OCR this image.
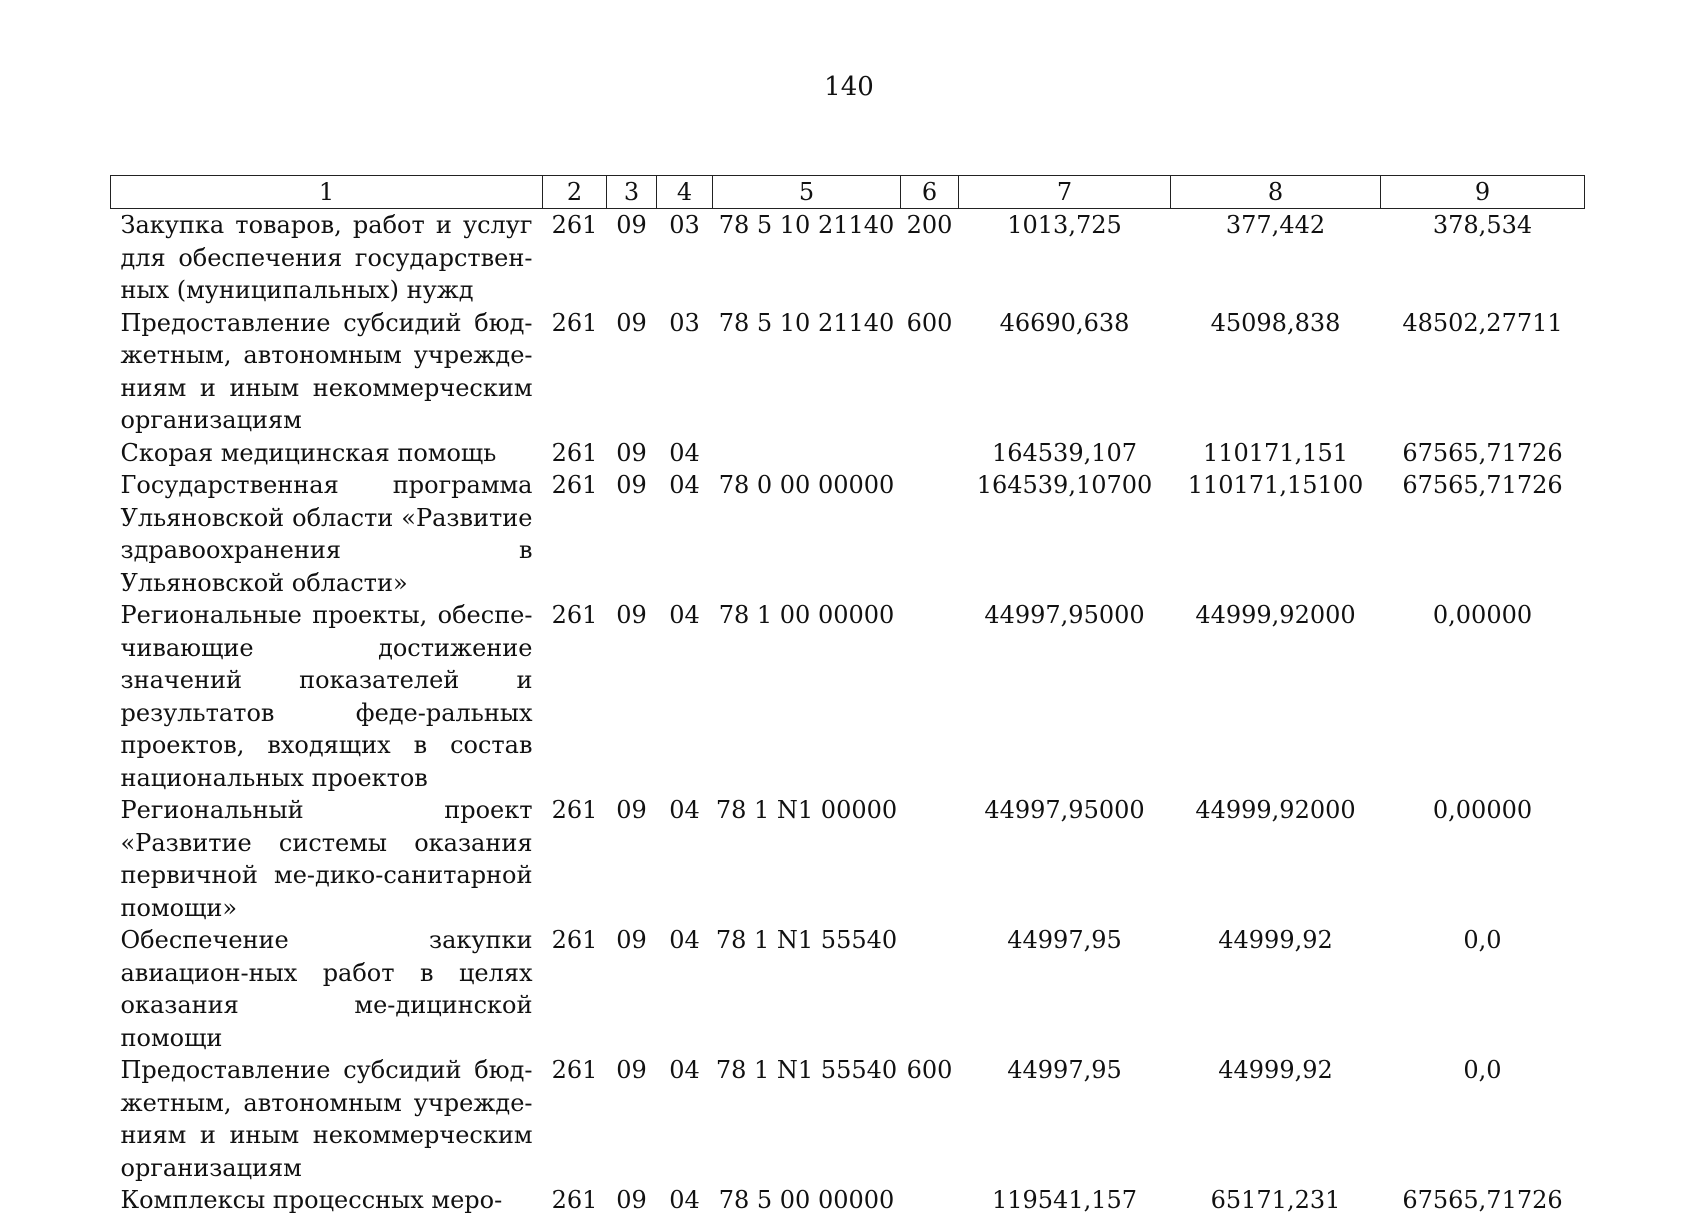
140
1	2	3	4	5	6	7	8	9
Закупка товаров, работ и услуг для обеспечения государствен-ных (муниципальных) нужд	261	09	03	78 5 10 21140	200	1013,725	377,442	378,534
Предоставление субсидий бюд-жетным, автономным учрежде-ниям и иным некоммерческим организациям	261	09	03	78 5 10 21140	600	46690,638	45098,838	48502,27711
Скорая медицинская помощь	261	09	04			164539,107	110171,151	67565,71726
Государственная программа Ульяновской области «Развитие здравоохранения в Ульяновской области»	261	09	04	78 0 00 00000		164539,10700	110171,15100	67565,71726
Региональные проекты, обеспе-чивающие достижение значений показателей и результатов феде-ральных проектов, входящих в состав национальных проектов	261	09	04	78 1 00 00000		44997,95000	44999,92000	0,00000
Региональный проект «Развитие системы оказания первичной ме-дико-санитарной помощи»	261	09	04	78 1 N1 00000		44997,95000	44999,92000	0,00000
Обеспечение закупки авиацион-ных работ в целях оказания ме-дицинской помощи	261	09	04	78 1 N1 55540		44997,95	44999,92	0,0
Предоставление субсидий бюд-жетным, автономным учрежде-ниям и иным некоммерческим организациям	261	09	04	78 1 N1 55540	600	44997,95	44999,92	0,0
Комплексы процессных меро-	261	09	04	78 5 00 00000		119541,157	65171,231	67565,71726
